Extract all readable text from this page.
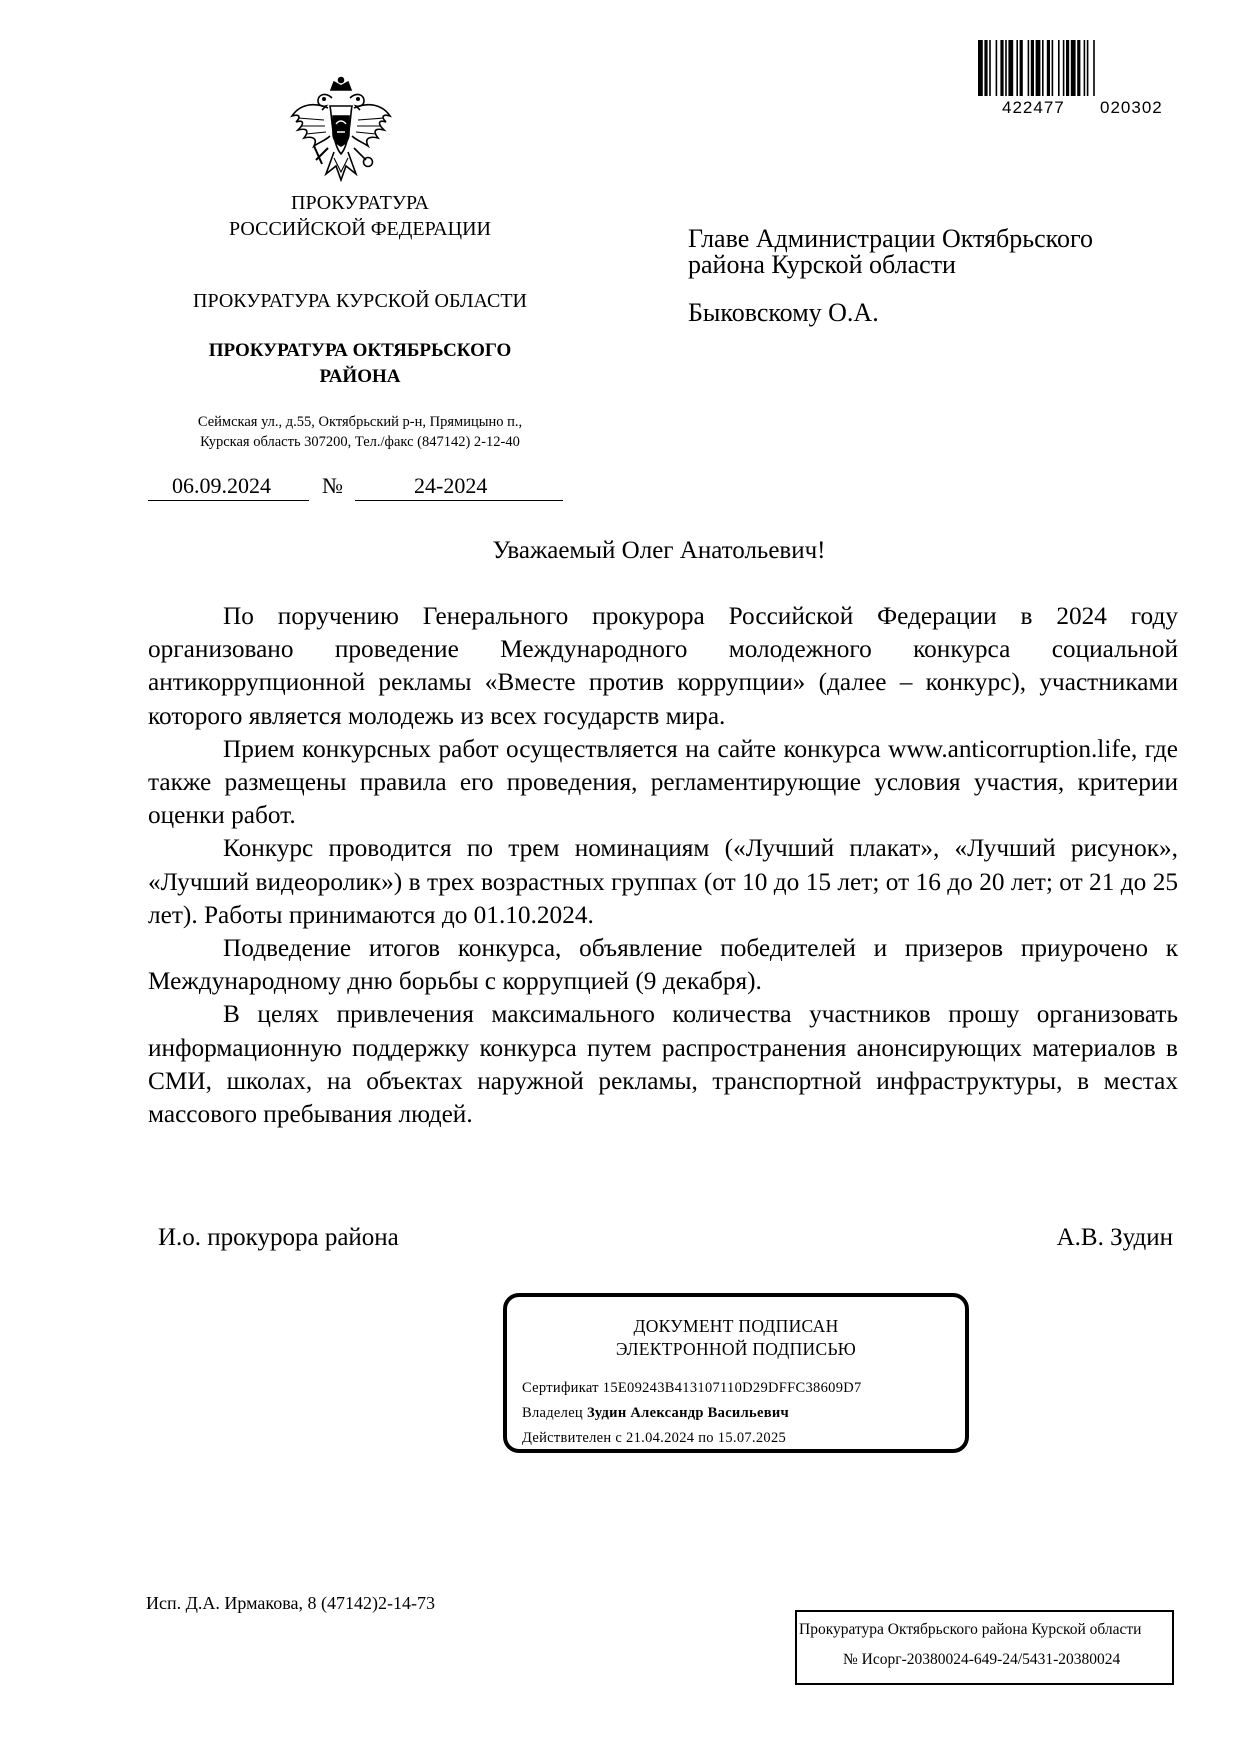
422477 020302
ПРОКУРАТУРА
РОССИЙСКОЙ ФЕДЕРАЦИИ
ПРОКУРАТУРА КУРСКОЙ ОБЛАСТИ
ПРОКУРАТУРА ОКТЯБРЬСКОГО
РАЙОНА
Сеймская ул., д.55, Октябрьский р-н, Прямицыно п.,
Курская область 307200, Тел./факс (847142) 2-12-40
06.09.2024 №	24-2024
Главе Администрации Октябрьского
района Курской области
Быковскому О.А.
Уважаемый Олег Анатольевич!

По поручению Генерального прокурора Российской Федерации в 2024 году организовано проведение Международного молодежного конкурса социальной антикоррупционной рекламы «Вместе против коррупции» (далее – конкурс), участниками которого является молодежь из всех государств мира.

Прием конкурсных работ осуществляется на сайте конкурса www.anticorruption.life, где также размещены правила его проведения, регламентирующие условия участия, критерии оценки работ.

Конкурс проводится по трем номинациям («Лучший плакат», «Лучший рисунок», «Лучший видеоролик») в трех возрастных группах (от 10 до 15 лет; от 16 до 20 лет; от 21 до 25 лет). Работы принимаются до 01.10.2024.

Подведение итогов конкурса, объявление победителей и призеров приурочено к Международному дню борьбы с коррупцией (9 декабря).

В целях привлечения максимального количества участников прошу организовать информационную поддержку конкурса путем распространения анонсирующих материалов в СМИ, школах, на объектах наружной рекламы, транспортной инфраструктуры, в местах массового пребывания людей.

И.о. прокурора района	А.В. Зудин
ДОКУМЕНТ ПОДПИСАН
ЭЛЕКТРОННОЙ ПОДПИСЬЮ
Сертификат 15E09243B413107110D29DFFC38609D7
Владелец Зудин Александр Васильевич
Действителен с 21.04.2024 по 15.07.2025
Исп. Д.А. Ирмакова, 8 (47142)2-14-73
Прокуратура Октябрьского района Курской области
№ Исорг-20380024-649-24/5431-20380024
